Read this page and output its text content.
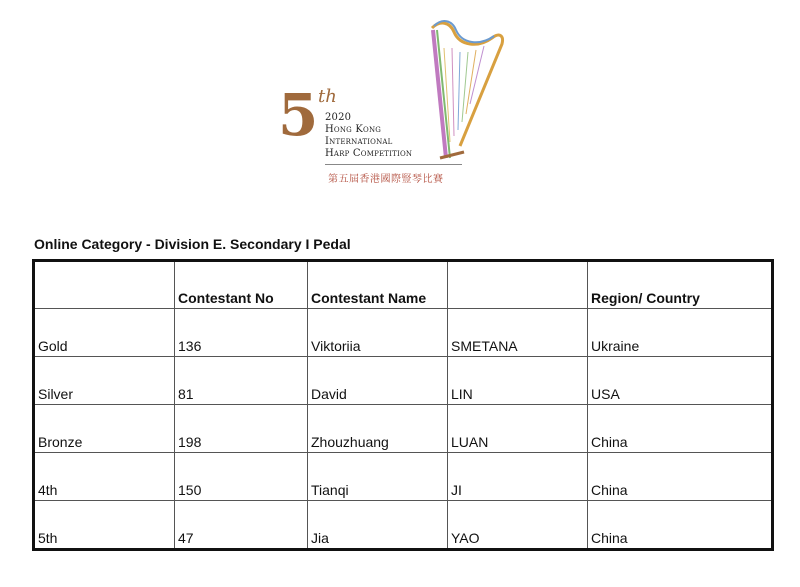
5 th
2020
Hong Kong
International
Harp Competition
第五屆香港國際豎琴比賽
Online Category - Division E. Secondary I Pedal
	Contestant No	Contestant Name		Region/ Country
Gold	136	Viktoriia	SMETANA	Ukraine
Silver	81	David	LIN	USA
Bronze	198	Zhouzhuang	LUAN	China
4th	150	Tianqi	JI	China
5th	47	Jia	YAO	China
